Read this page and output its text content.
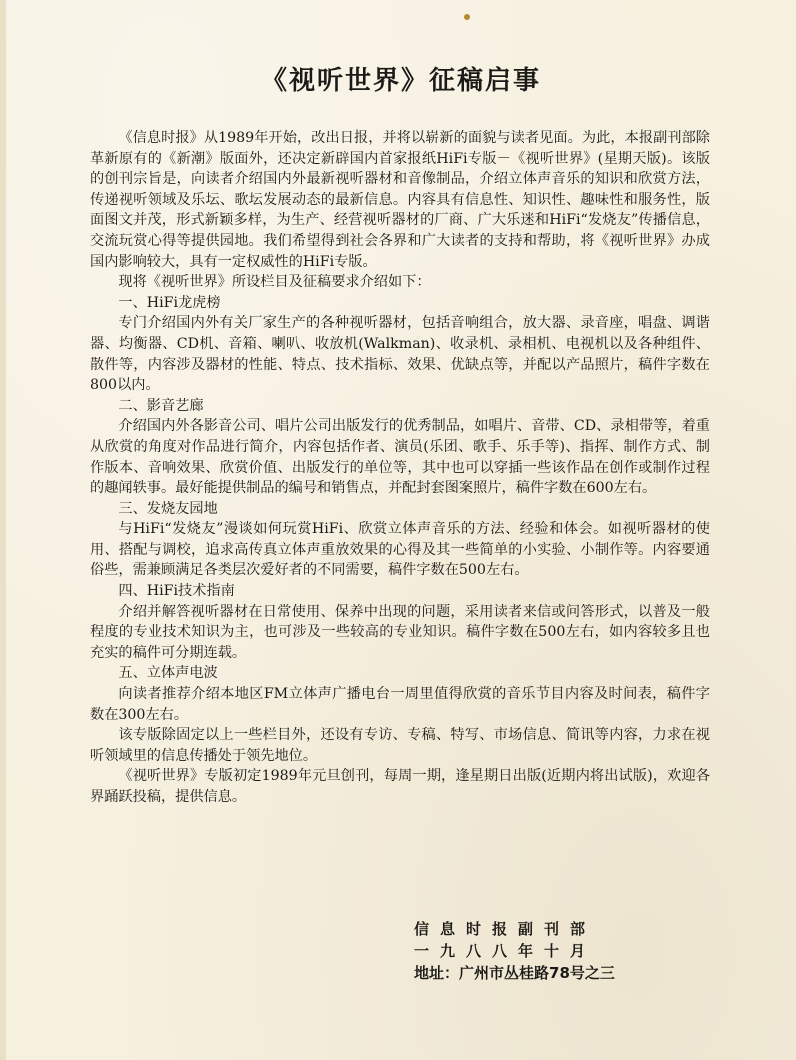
《视听世界》征稿启事

《信息时报》从1989年开始，改出日报，并将以崭新的面貌与读者见面。为此，本报副刊部除革新原有的《新潮》版面外，还决定新辟国内首家报纸HiFi专版－《视听世界》(星期天版)。该版的创刊宗旨是，向读者介绍国内外最新视听器材和音像制品，介绍立体声音乐的知识和欣赏方法，传递视听领域及乐坛、歌坛发展动态的最新信息。内容具有信息性、知识性、趣味性和服务性，版面图文并茂，形式新颖多样，为生产、经营视听器材的厂商、广大乐迷和HiFi“发烧友”传播信息，交流玩赏心得等提供园地。我们希望得到社会各界和广大读者的支持和帮助，将《视听世界》办成国内影响较大，具有一定权威性的HiFi专版。

现将《视听世界》所设栏目及征稿要求介绍如下：

一、HiFi龙虎榜

专门介绍国内外有关厂家生产的各种视听器材，包括音响组合，放大器、录音座，唱盘、调谐器、均衡器、CD机、音箱、喇叭、收放机(Walkman)、收录机、录相机、电视机以及各种组件、散件等，内容涉及器材的性能、特点、技术指标、效果、优缺点等，并配以产品照片，稿件字数在800以内。

二、影音艺廊

介绍国内外各影音公司、唱片公司出版发行的优秀制品，如唱片、音带、CD、录相带等，着重从欣赏的角度对作品进行简介，内容包括作者、演员(乐团、歌手、乐手等)、指挥、制作方式、制作版本、音响效果、欣赏价值、出版发行的单位等，其中也可以穿插一些该作品在创作或制作过程的趣闻轶事。最好能提供制品的编号和销售点，并配封套图案照片，稿件字数在600左右。

三、发烧友园地

与HiFi“发烧友”漫谈如何玩赏HiFi、欣赏立体声音乐的方法、经验和体会。如视听器材的使用、搭配与调校，追求高传真立体声重放效果的心得及其一些简单的小实验、小制作等。内容要通俗些，需兼顾满足各类层次爱好者的不同需要，稿件字数在500左右。

四、HiFi技术指南

介绍并解答视听器材在日常使用、保养中出现的问题，采用读者来信或问答形式，以普及一般程度的专业技术知识为主，也可涉及一些较高的专业知识。稿件字数在500左右，如内容较多且也充实的稿件可分期连载。

五、立体声电波

向读者推荐介绍本地区FM立体声广播电台一周里值得欣赏的音乐节目内容及时间表，稿件字数在300左右。

该专版除固定以上一些栏目外，还设有专访、专稿、特写、市场信息、简讯等内容，力求在视听领域里的信息传播处于领先地位。

《视听世界》专版初定1989年元旦创刊，每周一期，逢星期日出版(近期内将出试版)，欢迎各界踊跃投稿，提供信息。

信息时报副刊部
一九八八年十月
地址：广州市丛桂路78号之三
